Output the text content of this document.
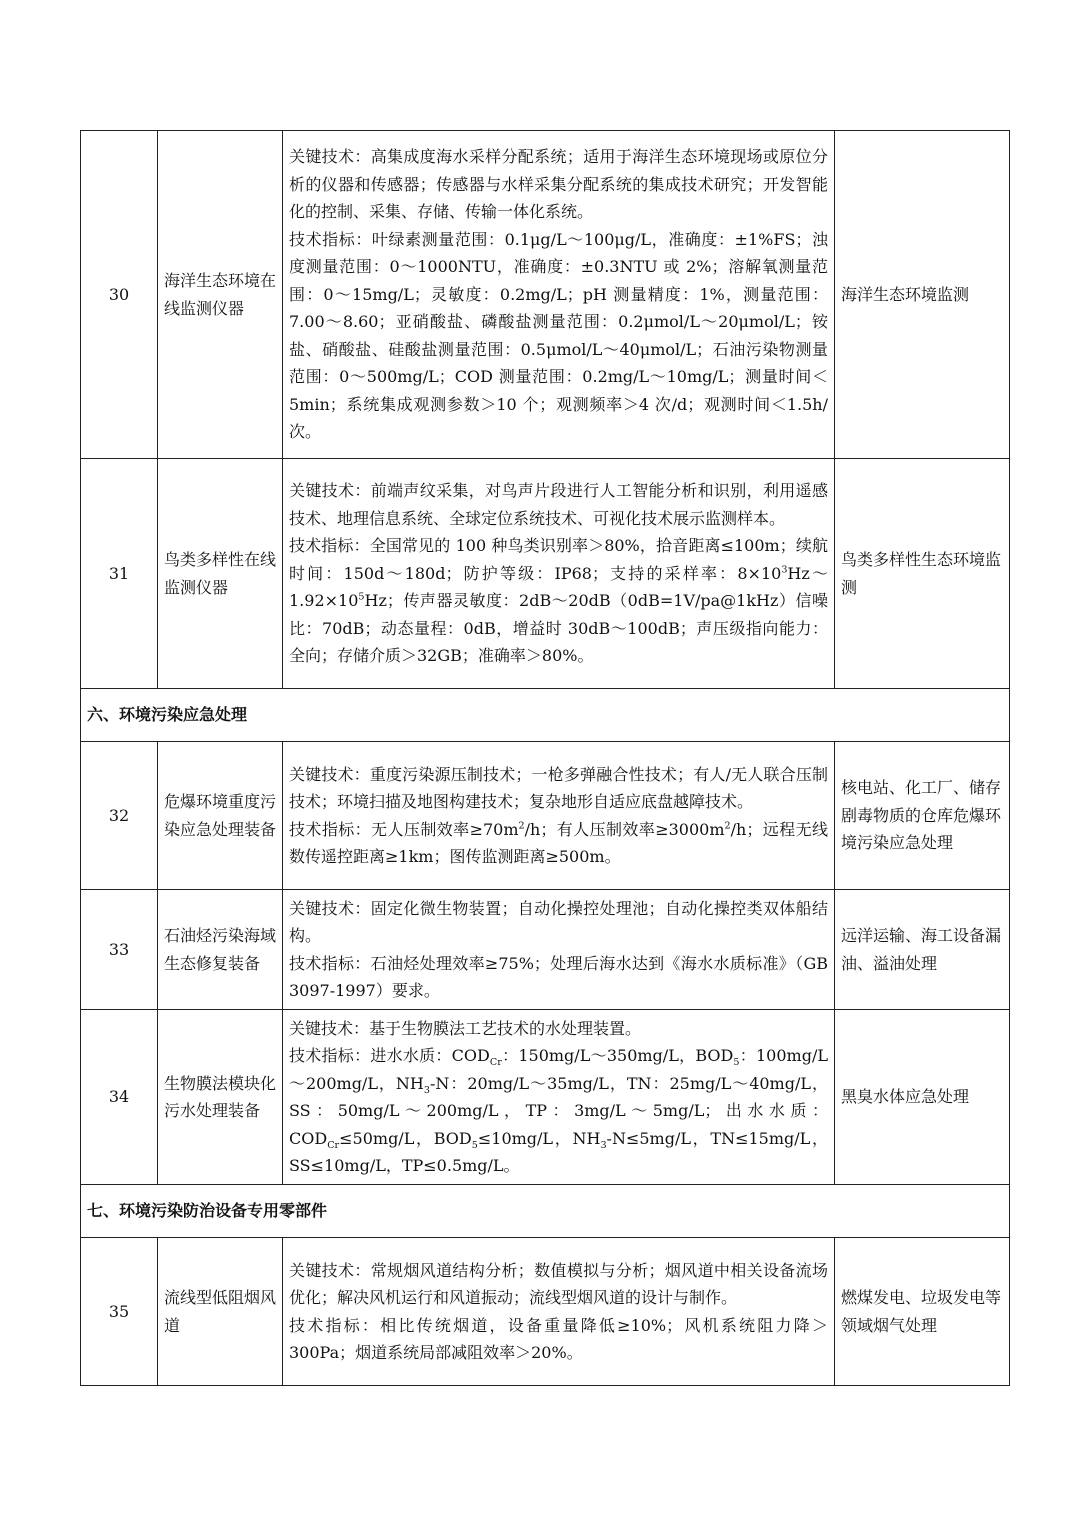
30	海洋生态环境在线监测仪器	关键技术：高集成度海水采样分配系统；适用于海洋生态环境现场或原位分析的仪器和传感器；传感器与水样采集分配系统的集成技术研究；开发智能化的控制、采集、存储、传输一体化系统。
技术指标：叶绿素测量范围：0.1μg/L～100μg/L，准确度：±1%FS；浊度测量范围：0～1000NTU，准确度：±0.3NTU 或 2%；溶解氧测量范围：0～15mg/L；灵敏度：0.2mg/L；pH 测量精度：1%，测量范围：7.00～8.60；亚硝酸盐、磷酸盐测量范围：0.2μmol/L～20μmol/L；铵盐、硝酸盐、硅酸盐测量范围：0.5μmol/L～40μmol/L；石油污染物测量范围：0～500mg/L；COD 测量范围：0.2mg/L～10mg/L；测量时间＜5min；系统集成观测参数＞10 个；观测频率＞4 次/d；观测时间＜1.5h/次。	海洋生态环境监测
31	鸟类多样性在线监测仪器	关键技术：前端声纹采集，对鸟声片段进行人工智能分析和识别，利用遥感技术、地理信息系统、全球定位系统技术、可视化技术展示监测样本。
技术指标：全国常见的 100 种鸟类识别率＞80%，拾音距离≤100m；续航时间：150d～180d；防护等级：IP68；支持的采样率：$8\times 10^3Hz\sim 1.92\times 10^5Hz$；传声器灵敏度：2dB～20dB（0dB=1V/pa@1kHz）信噪比：70dB；动态量程：0dB，增益时 30dB～100dB；声压级指向能力：全向；存储介质＞32GB；准确率＞80%。	鸟类多样性生态环境监测
六、环境污染应急处理			
32	危爆环境重度污染应急处理装备	关键技术：重度污染源压制技术；一枪多弹融合性技术；有人/无人联合压制技术；环境扫描及地图构建技术；复杂地形自适应底盘越障技术。
技术指标：无人压制效率$\ge 70m^2/h$；有人压制效率$\ge 3000m^2/h$；远程无线数传遥控距离≥1km；图传监测距离≥500m。	核电站、化工厂、储存剧毒物质的仓库危爆环境污染应急处理
33	石油烃污染海域生态修复装备	关键技术：固定化微生物装置；自动化操控处理池；自动化操控类双体船结构。
技术指标：石油烃处理效率≥75%；处理后海水达到《海水水质标准》（GB 3097-1997）要求。	远洋运输、海工设备漏油、溢油处理
34	生物膜法模块化污水处理装备	关键技术：基于生物膜法工艺技术的水处理装置。
技术指标：进水水质：$COD_{Cr}$：150mg/L～350mg/L，$BOD_5$：100mg/L～200mg/L，$NH_3-N$：20mg/L～35mg/L，TN：25mg/L～40mg/L，SS：50mg/L～200mg/L，TP：3mg/L～5mg/L；出水水质：$COD_{Cr}\le 50mg/L$，$BOD_5\le 10mg/L$，$NH_3-N\le 5mg/L$，TN≤15mg/L，SS≤10mg/L，TP≤0.5mg/L。	黑臭水体应急处理
七、环境污染防治设备专用零部件			
35	流线型低阻烟风道	关键技术：常规烟风道结构分析；数值模拟与分析；烟风道中相关设备流场优化；解决风机运行和风道振动；流线型烟风道的设计与制作。
技术指标：相比传统烟道，设备重量降低≥10%；风机系统阻力降＞300Pa；烟道系统局部减阻效率＞20%。	燃煤发电、垃圾发电等领域烟气处理
